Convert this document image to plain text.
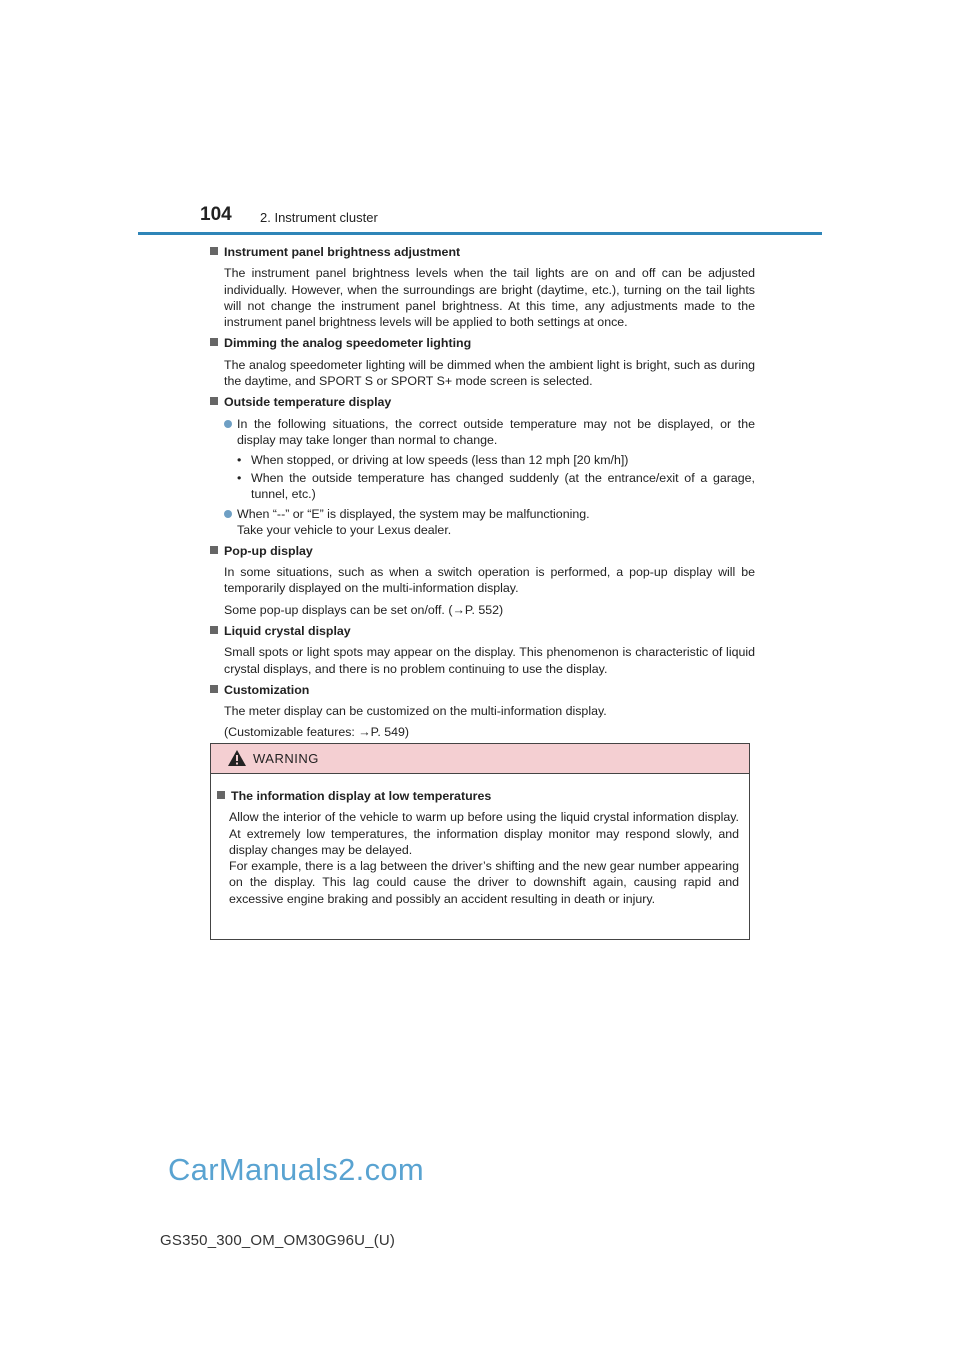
104 2. Instrument cluster
Instrument panel brightness adjustment

The instrument panel brightness levels when the tail lights are on and off can be adjusted individually. However, when the surroundings are bright (daytime, etc.), turning on the tail lights will not change the instrument panel brightness. At this time, any adjustments made to the instrument panel brightness levels will be applied to both settings at once.

Dimming the analog speedometer lighting

The analog speedometer lighting will be dimmed when the ambient light is bright, such as during the daytime, and SPORT S or SPORT S+ mode screen is selected.

Outside temperature display
In the following situations, the correct outside temperature may not be displayed, or the display may take longer than normal to change.
• When stopped, or driving at low speeds (less than 12 mph [20 km/h])
• When the outside temperature has changed suddenly (at the entrance/exit of a garage, tunnel, etc.)
When “--” or “E” is displayed, the system may be malfunctioning.
Take your vehicle to your Lexus dealer.
Pop-up display

In some situations, such as when a switch operation is performed, a pop-up display will be temporarily displayed on the multi-information display.

Some pop-up displays can be set on/off. (→P. 552)

Liquid crystal display

Small spots or light spots may appear on the display. This phenomenon is characteristic of liquid crystal displays, and there is no problem continuing to use the display.

Customization

The meter display can be customized on the multi-information display.

(Customizable features: →P. 549)

WARNING
The information display at low temperatures

Allow the interior of the vehicle to warm up before using the liquid crystal information display. At extremely low temperatures, the information display monitor may respond slowly, and display changes may be delayed.

For example, there is a lag between the driver’s shifting and the new gear number appearing on the display. This lag could cause the driver to downshift again, causing rapid and excessive engine braking and possibly an accident resulting in death or injury.

CarManuals2.com
GS350_300_OM_OM30G96U_(U)
